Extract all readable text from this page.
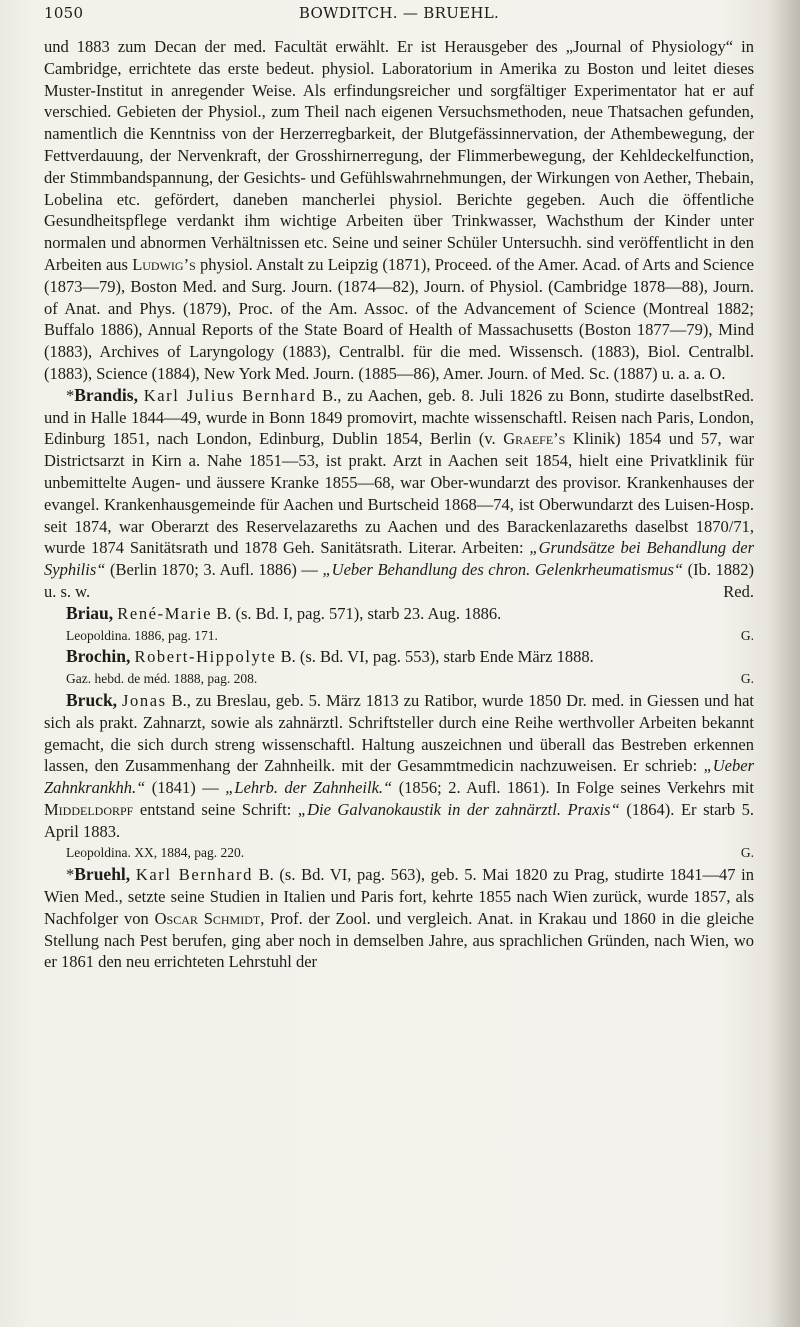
1050	BOWDITCH. — BRUEHL.

und 1883 zum Decan der med. Facultät erwählt. Er ist Herausgeber des „Journal of Physiology“ in Cambridge, errichtete das erste bedeut. physiol. Laboratorium in Amerika zu Boston und leitet dieses Muster-Institut in anregender Weise. Als erfindungsreicher und sorgfältiger Experimentator hat er auf verschied. Gebieten der Physiol., zum Theil nach eigenen Versuchsmethoden, neue Thatsachen gefunden, namentlich die Kenntniss von der Herzerregbarkeit, der Blutgefässinnervation, der Athembewegung, der Fettverdauung, der Nervenkraft, der Grosshirnerregung, der Flimmerbewegung, der Kehldeckelfunction, der Stimmbandspannung, der Gesichts- und Gefühlswahrnehmungen, der Wirkungen von Aether, Thebain, Lobelina etc. gefördert, daneben mancherlei physiol. Berichte gegeben. Auch die öffentliche Gesundheitspflege verdankt ihm wichtige Arbeiten über Trinkwasser, Wachsthum der Kinder unter normalen und abnormen Verhältnissen etc. Seine und seiner Schüler Untersuchh. sind veröffentlicht in den Arbeiten aus Ludwig’s physiol. Anstalt zu Leipzig (1871), Proceed. of the Amer. Acad. of Arts and Science (1873—79), Boston Med. and Surg. Journ. (1874—82), Journ. of Physiol. (Cambridge 1878—88), Journ. of Anat. and Phys. (1879), Proc. of the Am. Assoc. of the Advancement of Science (Montreal 1882; Buffalo 1886), Annual Reports of the State Board of Health of Massachusetts (Boston 1877—79), Mind (1883), Archives of Laryngology (1883), Centralbl. für die med. Wissensch. (1883), Biol. Centralbl. (1883), Science (1884), New York Med. Journ. (1885—86), Amer. Journ. of Med. Sc. (1887) u. a. a. O.
Red.

*Brandis, Karl Julius Bernhard B., zu Aachen, geb. 8. Juli 1826 zu Bonn, studirte daselbst und in Halle 1844—49, wurde in Bonn 1849 promovirt, machte wissenschaftl. Reisen nach Paris, London, Edinburg 1851, nach London, Edinburg, Dublin 1854, Berlin (v. Graefe’s Klinik) 1854 und 57, war Districtsarzt in Kirn a. Nahe 1851—53, ist prakt. Arzt in Aachen seit 1854, hielt eine Privatklinik für unbemittelte Augen- und äussere Kranke 1855—68, war Ober-wundarzt des provisor. Krankenhauses der evangel. Krankenhausgemeinde für Aachen und Burtscheid 1868—74, ist Oberwundarzt des Luisen-Hosp. seit 1874, war Oberarzt des Reservelazareths zu Aachen und des Barackenlazareths daselbst 1870/71, wurde 1874 Sanitätsrath und 1878 Geh. Sanitätsrath. Literar. Arbeiten: „Grundsätze bei Behandlung der Syphilis“ (Berlin 1870; 3. Aufl. 1886) — „Ueber Behandlung des chron. Gelenkrheumatismus“ (Ib. 1882) u. s. w.	Red.

Briau, René-Marie B. (s. Bd. I, pag. 571), starb 23. Aug. 1886.

Leopoldina. 1886, pag. 171.	G.

Brochin, Robert-Hippolyte B. (s. Bd. VI, pag. 553), starb Ende März 1888.

Gaz. hebd. de méd. 1888, pag. 208.	G.

Bruck, Jonas B., zu Breslau, geb. 5. März 1813 zu Ratibor, wurde 1850 Dr. med. in Giessen und hat sich als prakt. Zahnarzt, sowie als zahnärztl. Schriftsteller durch eine Reihe werthvoller Arbeiten bekannt gemacht, die sich durch streng wissenschaftl. Haltung auszeichnen und überall das Bestreben erkennen lassen, den Zusammenhang der Zahnheilk. mit der Gesammtmedicin nachzuweisen. Er schrieb: „Ueber Zahnkrankhh.“ (1841) — „Lehrb. der Zahnheilk.“ (1856; 2. Aufl. 1861). In Folge seines Verkehrs mit Middeldorpf entstand seine Schrift: „Die Galvanokaustik in der zahnärztl. Praxis“ (1864). Er starb 5. April 1883.

Leopoldina. XX, 1884, pag. 220.	G.

*Bruehl, Karl Bernhard B. (s. Bd. VI, pag. 563), geb. 5. Mai 1820 zu Prag, studirte 1841—47 in Wien Med., setzte seine Studien in Italien und Paris fort, kehrte 1855 nach Wien zurück, wurde 1857, als Nachfolger von Oscar Schmidt, Prof. der Zool. und vergleich. Anat. in Krakau und 1860 in die gleiche Stellung nach Pest berufen, ging aber noch in demselben Jahre, aus sprachlichen Gründen, nach Wien, wo er 1861 den neu errichteten Lehrstuhl der
